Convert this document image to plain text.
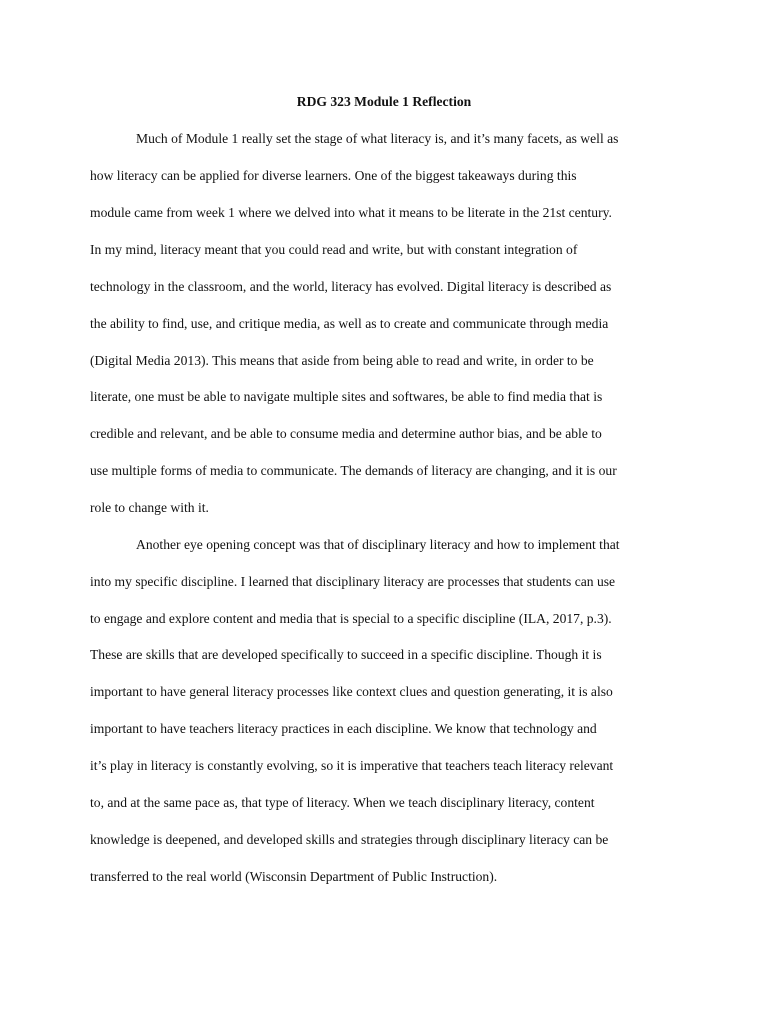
RDG 323 Module 1 Reflection
Much of Module 1 really set the stage of what literacy is, and it’s many facets, as well as
how literacy can be applied for diverse learners. One of the biggest takeaways during this
module came from week 1 where we delved into what it means to be literate in the 21st century.
In my mind, literacy meant that you could read and write, but with constant integration of
technology in the classroom, and the world, literacy has evolved. Digital literacy is described as
the ability to find, use, and critique media, as well as to create and communicate through media
(Digital Media 2013). This means that aside from being able to read and write, in order to be
literate, one must be able to navigate multiple sites and softwares, be able to find media that is
credible and relevant, and be able to consume media and determine author bias, and be able to
use multiple forms of media to communicate. The demands of literacy are changing, and it is our
role to change with it.
Another eye opening concept was that of disciplinary literacy and how to implement that
into my specific discipline. I learned that disciplinary literacy are processes that students can use
to engage and explore content and media that is special to a specific discipline (ILA, 2017, p.3).
These are skills that are developed specifically to succeed in a specific discipline. Though it is
important to have general literacy processes like context clues and question generating, it is also
important to have teachers literacy practices in each discipline. We know that technology and
it’s play in literacy is constantly evolving, so it is imperative that teachers teach literacy relevant
to, and at the same pace as, that type of literacy. When we teach disciplinary literacy, content
knowledge is deepened, and developed skills and strategies through disciplinary literacy can be
transferred to the real world (Wisconsin Department of Public Instruction).
